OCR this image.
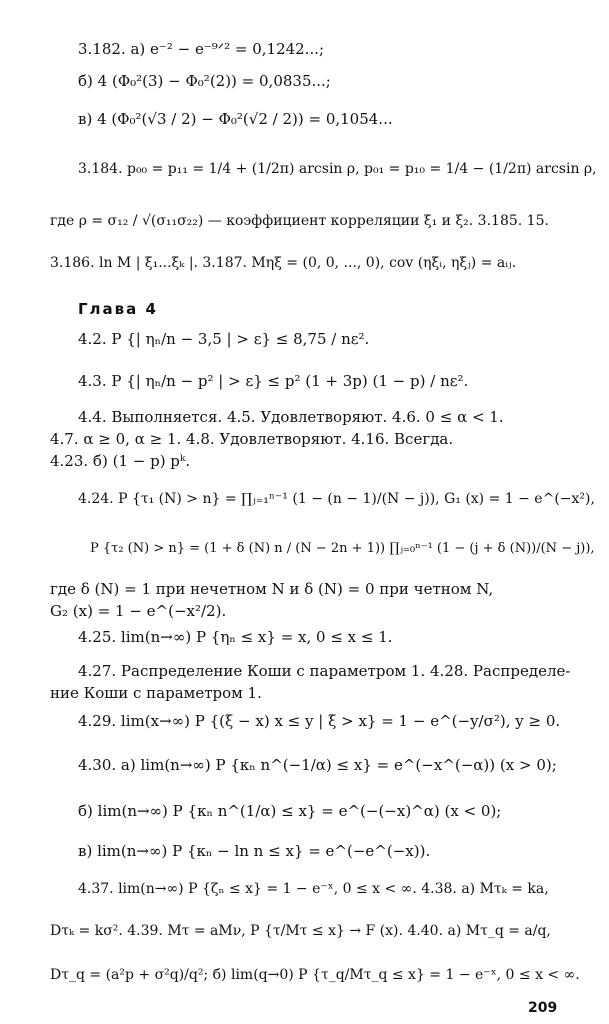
3.182. а) e⁻² − e⁻⁹ᐟ² = 0,1242...;
б) 4 (Φ₀²(3) − Φ₀²(2)) = 0,0835...;
в) 4 (Φ₀²(√3 / 2) − Φ₀²(√2 / 2)) = 0,1054...
3.184. p₀₀ = p₁₁ = 1/4 + (1/2π) arcsin ρ, p₀₁ = p₁₀ = 1/4 − (1/2π) arcsin ρ,
где ρ = σ₁₂ / √(σ₁₁σ₂₂) — коэффициент корреляции ξ₁ и ξ₂. 3.185. 15.
3.186. ln M | ξ₁...ξₖ |. 3.187. Mηξ = (0, 0, ..., 0), cov (ηξᵢ, ηξⱼ) = aᵢⱼ.
Глава 4
4.2. P {| ηₙ/n − 3,5 | > ε} ≤ 8,75 / nε².
4.3. P {| ηₙ/n − p² | > ε} ≤ p² (1 + 3p) (1 − p) / nε².
4.4. Выполняется. 4.5. Удовлетворяют. 4.6. 0 ≤ α < 1.
4.7. α ≥ 0, α ≥ 1. 4.8. Удовлетворяют. 4.16. Всегда.
4.23. б) (1 − p) pᵏ.
4.24. P {τ₁ (N) > n} = ∏ⱼ₌₁ⁿ⁻¹ (1 − (n − 1)/(N − j)), G₁ (x) = 1 − e^(−x²),
P {τ₂ (N) > n} = (1 + δ (N) n / (N − 2n + 1)) ∏ⱼ₌₀ⁿ⁻¹ (1 − (j + δ (N))/(N − j)),
где δ (N) = 1 при нечетном N и δ (N) = 0 при четном N,
G₂ (x) = 1 − e^(−x²/2).
4.25. lim(n→∞) P {ηₙ ≤ x} = x, 0 ≤ x ≤ 1.
4.27. Распределение Коши с параметром 1. 4.28. Распределе-
ние Коши с параметром 1.
4.29. lim(x→∞) P {(ξ − x) x ≤ y | ξ > x} = 1 − e^(−y/σ²), y ≥ 0.
4.30. а) lim(n→∞) P {κₙ n^(−1/α) ≤ x} = e^(−x^(−α)) (x > 0);
б) lim(n→∞) P {κₙ n^(1/α) ≤ x} = e^(−(−x)^α) (x < 0);
в) lim(n→∞) P {κₙ − ln n ≤ x} = e^(−e^(−x)).
4.37. lim(n→∞) P {ζₙ ≤ x} = 1 − e⁻ˣ, 0 ≤ x < ∞. 4.38. а) Mτₖ = ka,
Dτₖ = kσ². 4.39. Mτ = aMν, P {τ/Mτ ≤ x} → F (x). 4.40. а) Mτ_q = a/q,
Dτ_q = (a²p + σ²q)/q²; б) lim(q→0) P {τ_q/Mτ_q ≤ x} = 1 − e⁻ˣ, 0 ≤ x < ∞.
209
